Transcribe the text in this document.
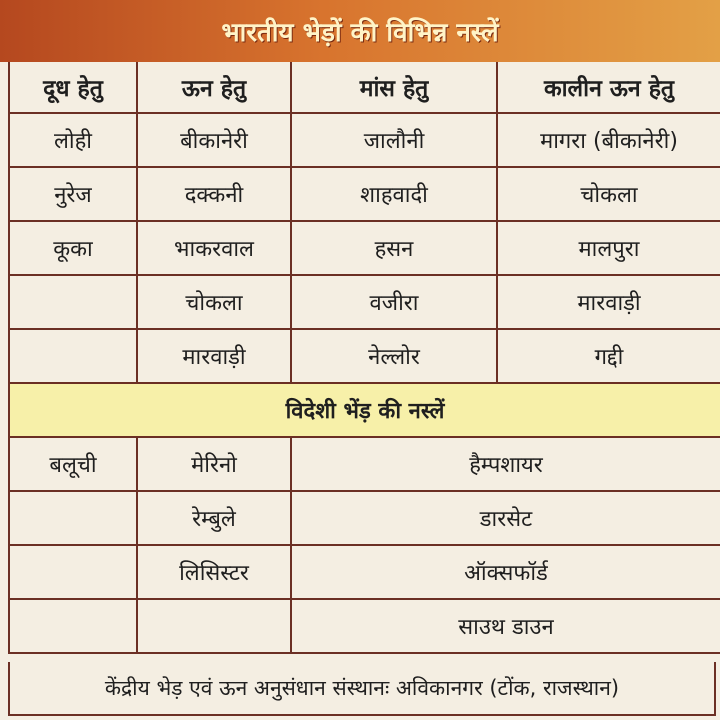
भारतीय भेड़ों की विभिन्न नस्लें
दूध हेतु	ऊन हेतु	मांस हेतु	कालीन ऊन हेतु
लोही	बीकानेरी	जालौनी	मागरा (बीकानेरी)
नुरेज	दक्कनी	शाहवादी	चोकला
कूका	भाकरवाल	हसन	मालपुरा
	चोकला	वजीरा	मारवाड़ी
	मारवाड़ी	नेल्लोर	गद्दी
विदेशी भेंड़ की नस्लें			
बलूची	मेरिनो	हैम्पशायर	
	रेम्बुले	डारसेट	
	लिसिस्टर	ऑक्सफॉर्ड	
		साउथ डाउन	
केंद्रीय भेड़ एवं ऊन अनुसंधान संस्थानः अविकानगर (टोंक, राजस्थान)
